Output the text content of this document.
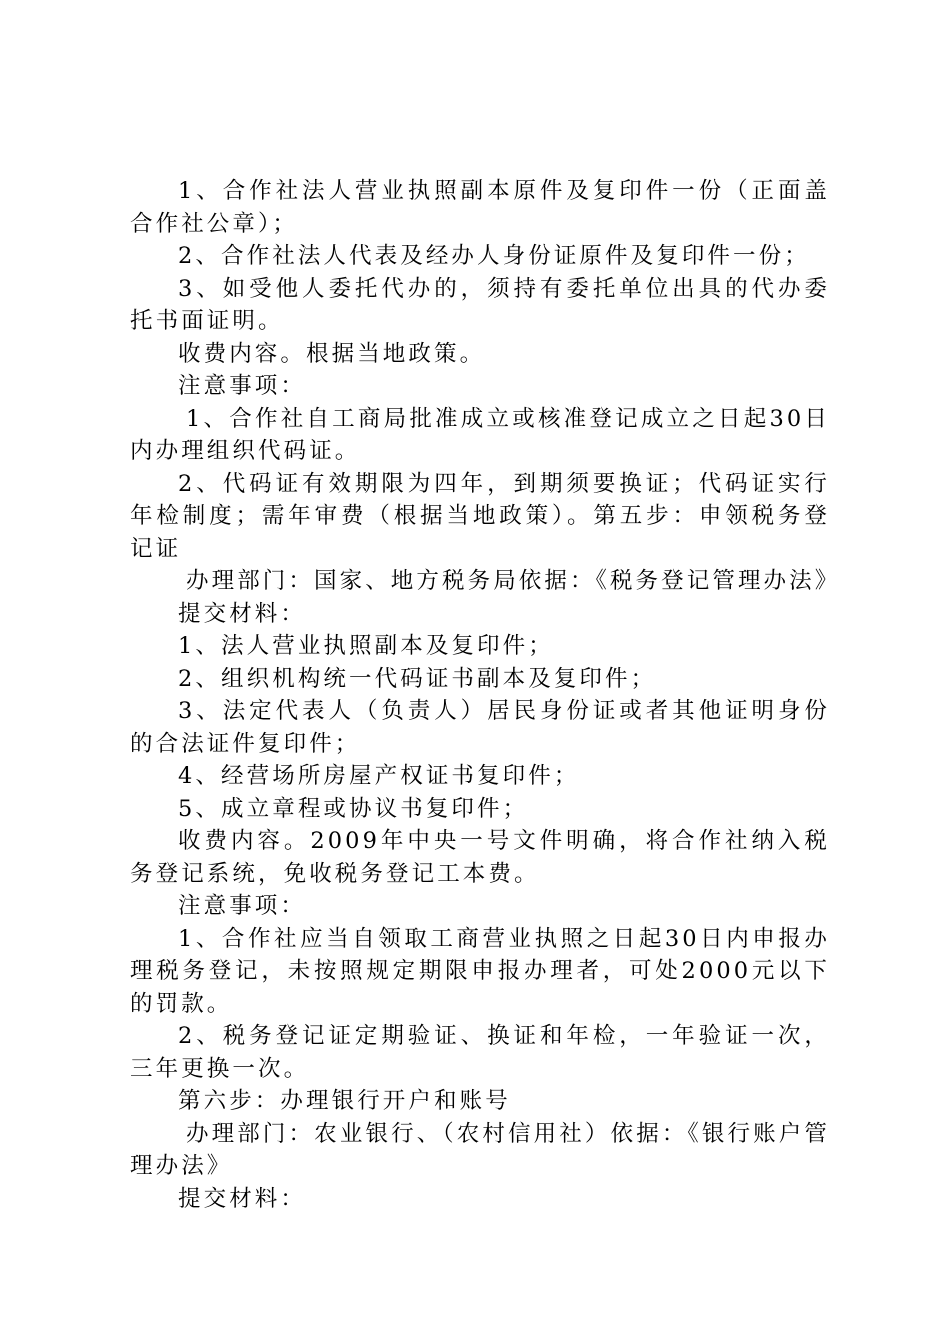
1、合作社法人营业执照副本原件及复印件一份（正面盖合作社公章）；

2、合作社法人代表及经办人身份证原件及复印件一份；

3、如受他人委托代办的，须持有委托单位出具的代办委托书面证明。

收费内容。根据当地政策。

注意事项：

1、合作社自工商局批准成立或核准登记成立之日起30日内办理组织代码证。

2、代码证有效期限为四年，到期须要换证；代码证实行年检制度；需年审费（根据当地政策）。第五步：申领税务登记证

办理部门：国家、地方税务局依据：《税务登记管理办法》

提交材料：

1、法人营业执照副本及复印件；

2、组织机构统一代码证书副本及复印件；

3、法定代表人（负责人）居民身份证或者其他证明身份的合法证件复印件；

4、经营场所房屋产权证书复印件；

5、成立章程或协议书复印件；

收费内容。2009年中央一号文件明确，将合作社纳入税务登记系统，免收税务登记工本费。

注意事项：

1、合作社应当自领取工商营业执照之日起30日内申报办理税务登记，未按照规定期限申报办理者，可处2000元以下的罚款。

2、税务登记证定期验证、换证和年检，一年验证一次，三年更换一次。

第六步：办理银行开户和账号

办理部门：农业银行、（农村信用社）依据：《银行账户管理办法》

提交材料：
